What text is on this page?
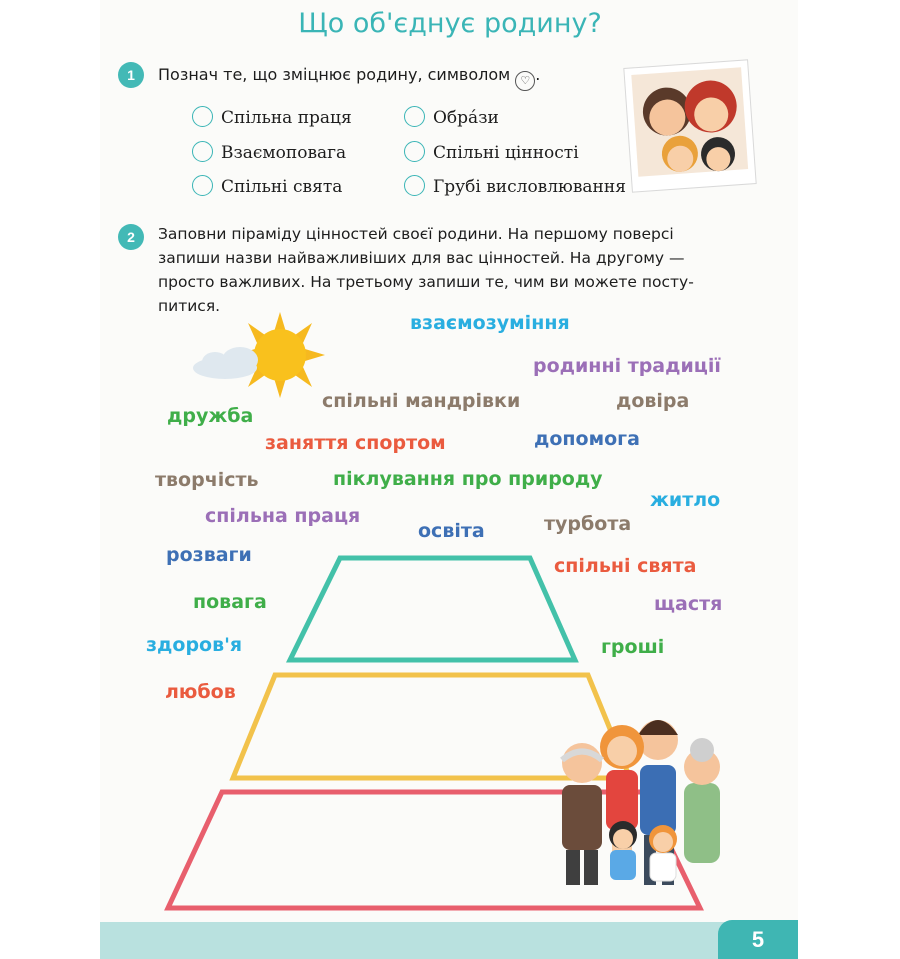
Що об'єднує родину?
1	Познач те, що зміцнює родину, символом ♡ .
Спільна праця
Взаємоповага
Спільні свята
Обрáзи
Спільні цінності
Грубі висловлювання
2	Заповни піраміду цінностей своєї родини. На першому поверсі
запиши назви найважливіших для вас цінностей. На другому —
просто важливих. На третьому запиши те, чим ви можете посту-
питися.
взаємозуміння
родинні традиції
дружба
спільні мандрівки	довіра
заняття спортом	допомога
творчість	піклування про природу
житло
спільна праця
освіта	турбота
розваги	спільні свята
повага	щастя
здоров'я	гроші
любов
5
